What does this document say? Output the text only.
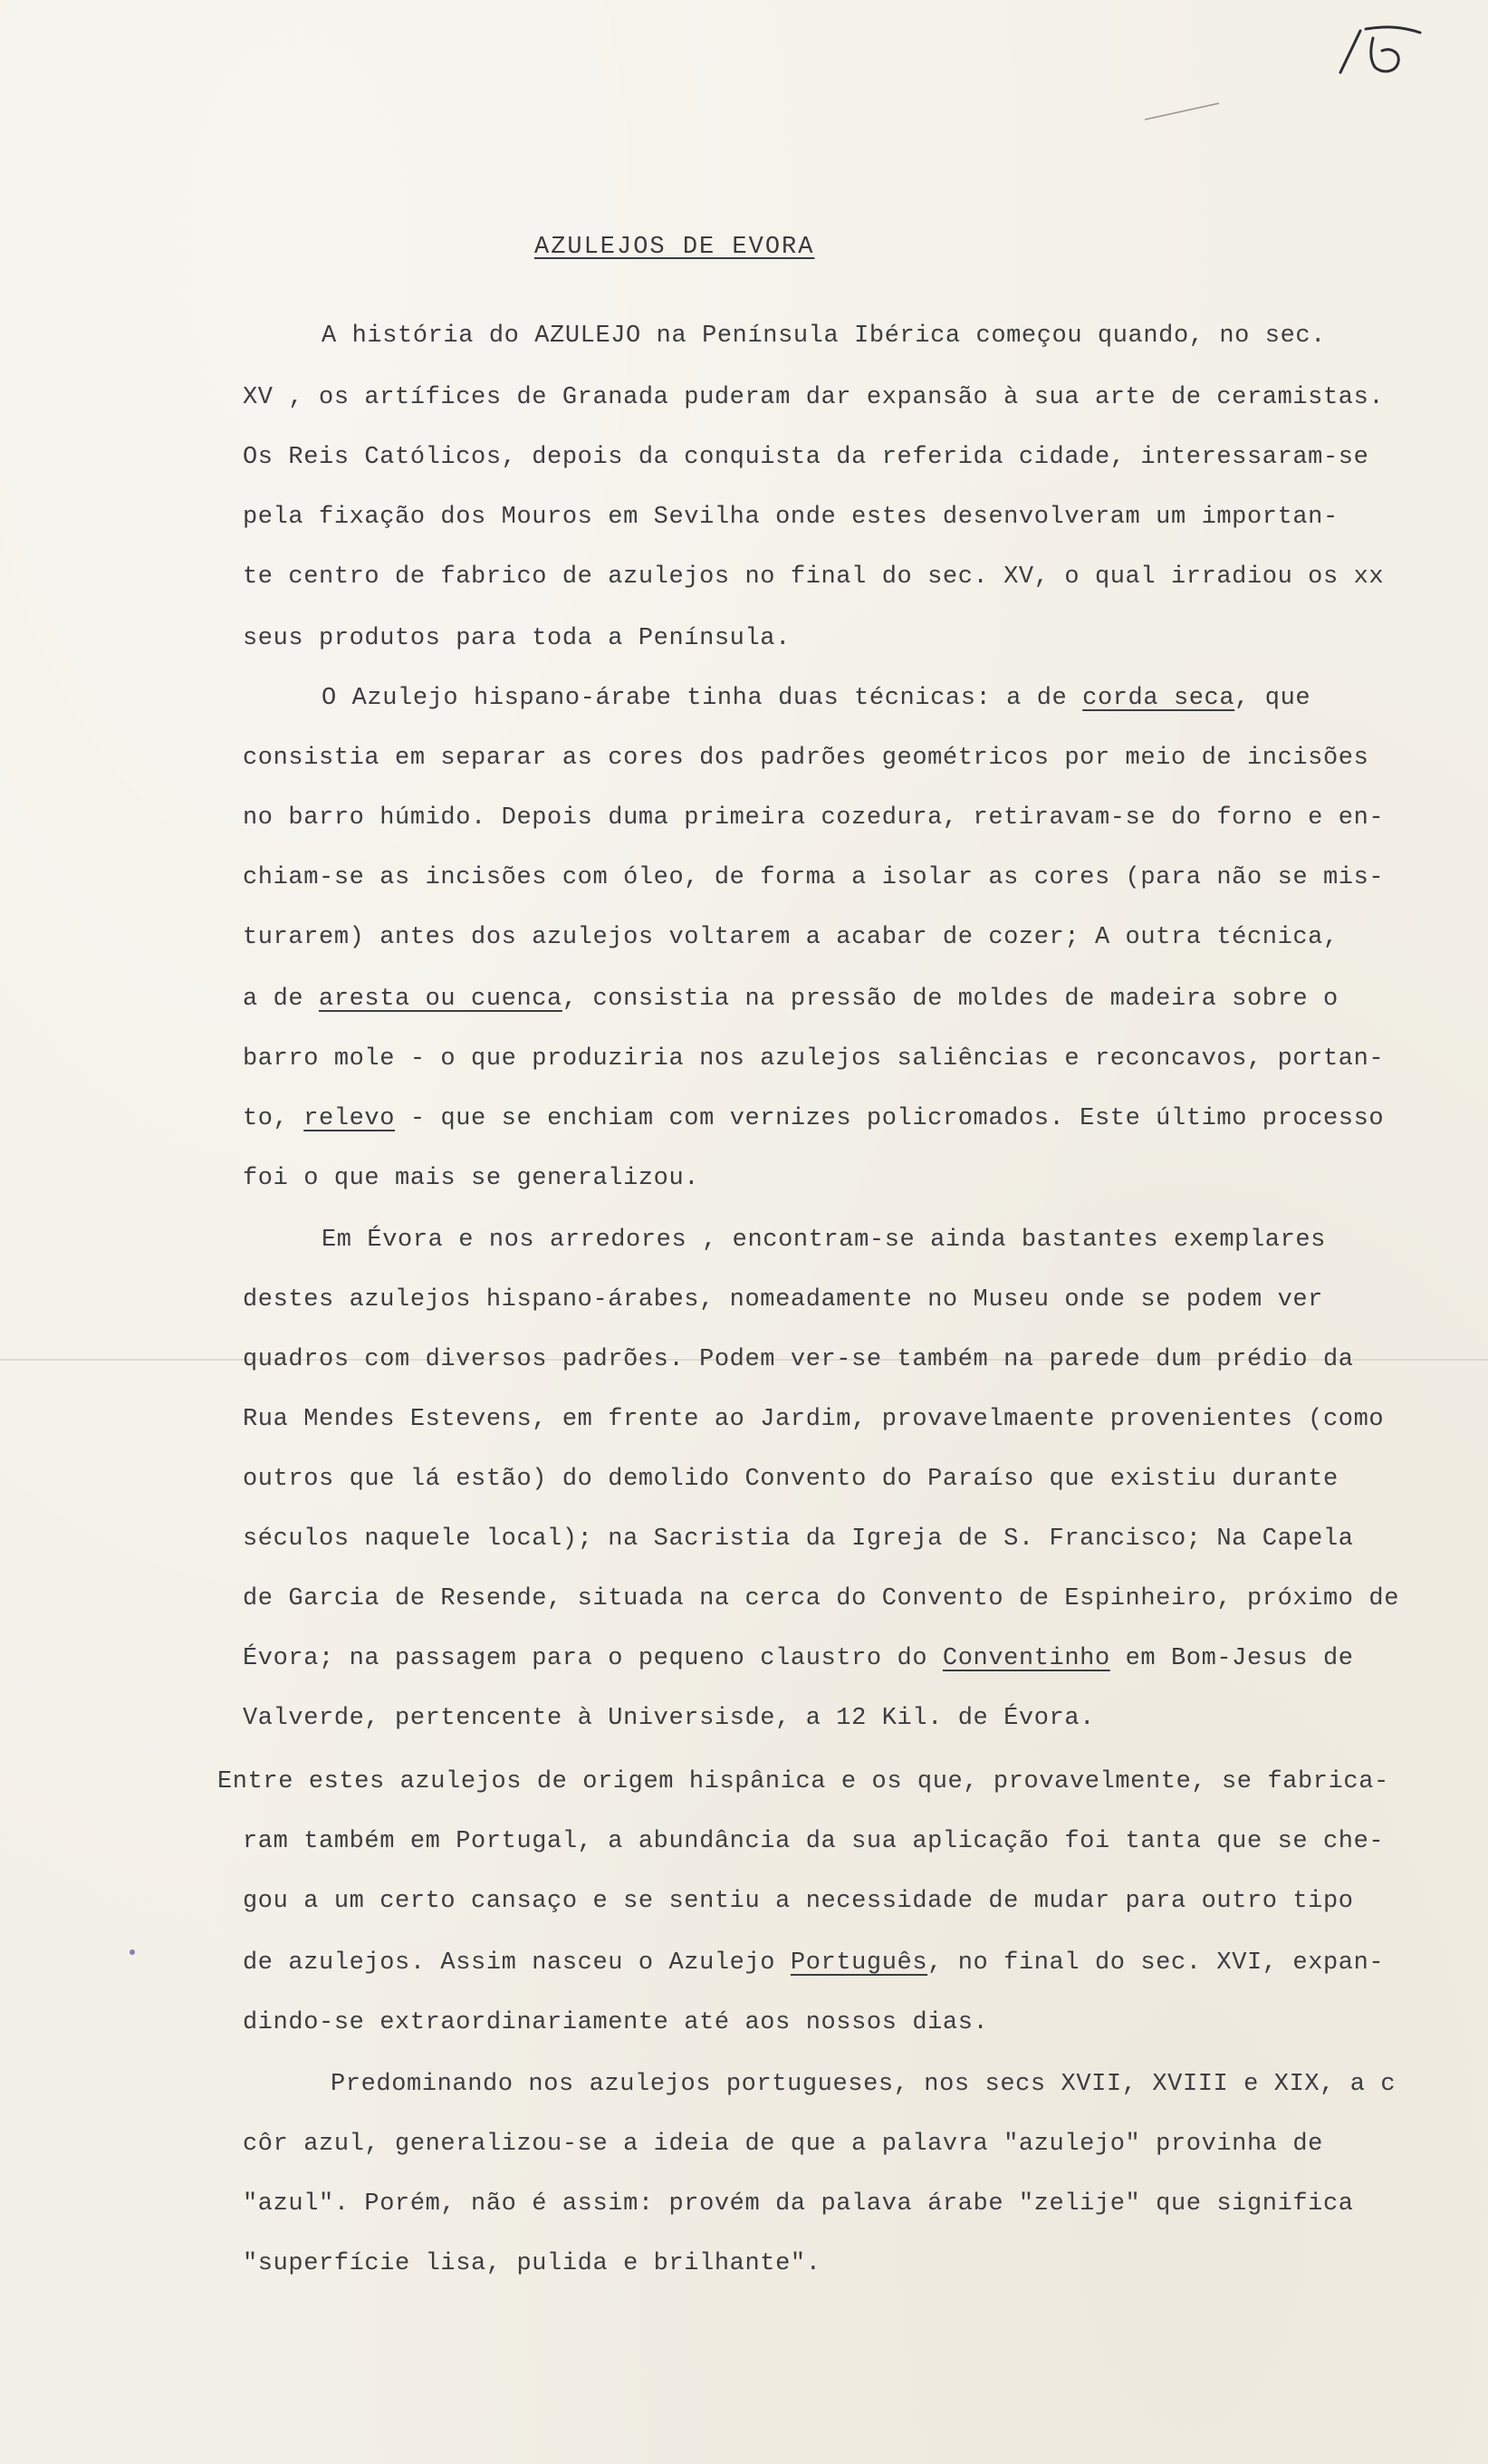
15
AZULEJOS DE EVORA
A história do AZULEJO na Península Ibérica começou quando, no sec.
XV , os artífices de Granada puderam dar expansão à sua arte de ceramistas.
Os Reis Católicos, depois da conquista da referida cidade, interessaram-se
pela fixação dos Mouros em Sevilha onde estes desenvolveram um importan-
te centro de fabrico de azulejos no final do sec. XV, o qual irradiou os xx
seus produtos para toda a Península.
O Azulejo hispano-árabe tinha duas técnicas: a de corda seca, que
consistia em separar as cores dos padrões geométricos por meio de incisões
no barro húmido. Depois duma primeira cozedura, retiravam-se do forno e en-
chiam-se as incisões com óleo, de forma a isolar as cores (para não se mis-
turarem) antes dos azulejos voltarem a acabar de cozer; A outra técnica,
a de aresta ou cuenca, consistia na pressão de moldes de madeira sobre o
barro mole - o que produziria nos azulejos saliências e reconcavos, portan-
to, relevo - que se enchiam com vernizes policromados. Este último processo
foi o que mais se generalizou.
Em Évora e nos arredores , encontram-se ainda bastantes exemplares
destes azulejos hispano-árabes, nomeadamente no Museu onde se podem ver
quadros com diversos padrões. Podem ver-se também na parede dum prédio da
Rua Mendes Estevens, em frente ao Jardim, provavelmaente provenientes (como
outros que lá estão) do demolido Convento do Paraíso que existiu durante
séculos naquele local); na Sacristia da Igreja de S. Francisco; Na Capela
de Garcia de Resende, situada na cerca do Convento de Espinheiro, próximo de
Évora; na passagem para o pequeno claustro do Conventinho em Bom-Jesus de
Valverde, pertencente à Universisde, a 12 Kil. de Évora.
Entre estes azulejos de origem hispânica e os que, provavelmente, se fabrica-
ram também em Portugal, a abundância da sua aplicação foi tanta que se che-
gou a um certo cansaço e se sentiu a necessidade de mudar para outro tipo
de azulejos. Assim nasceu o Azulejo Português, no final do sec. XVI, expan-
dindo-se extraordinariamente até aos nossos dias.
Predominando nos azulejos portugueses, nos secs XVII, XVIII e XIX, a c
côr azul, generalizou-se a ideia de que a palavra "azulejo" provinha de
"azul". Porém, não é assim: provém da palava árabe "zelije" que significa
"superfície lisa, pulida e brilhante".
